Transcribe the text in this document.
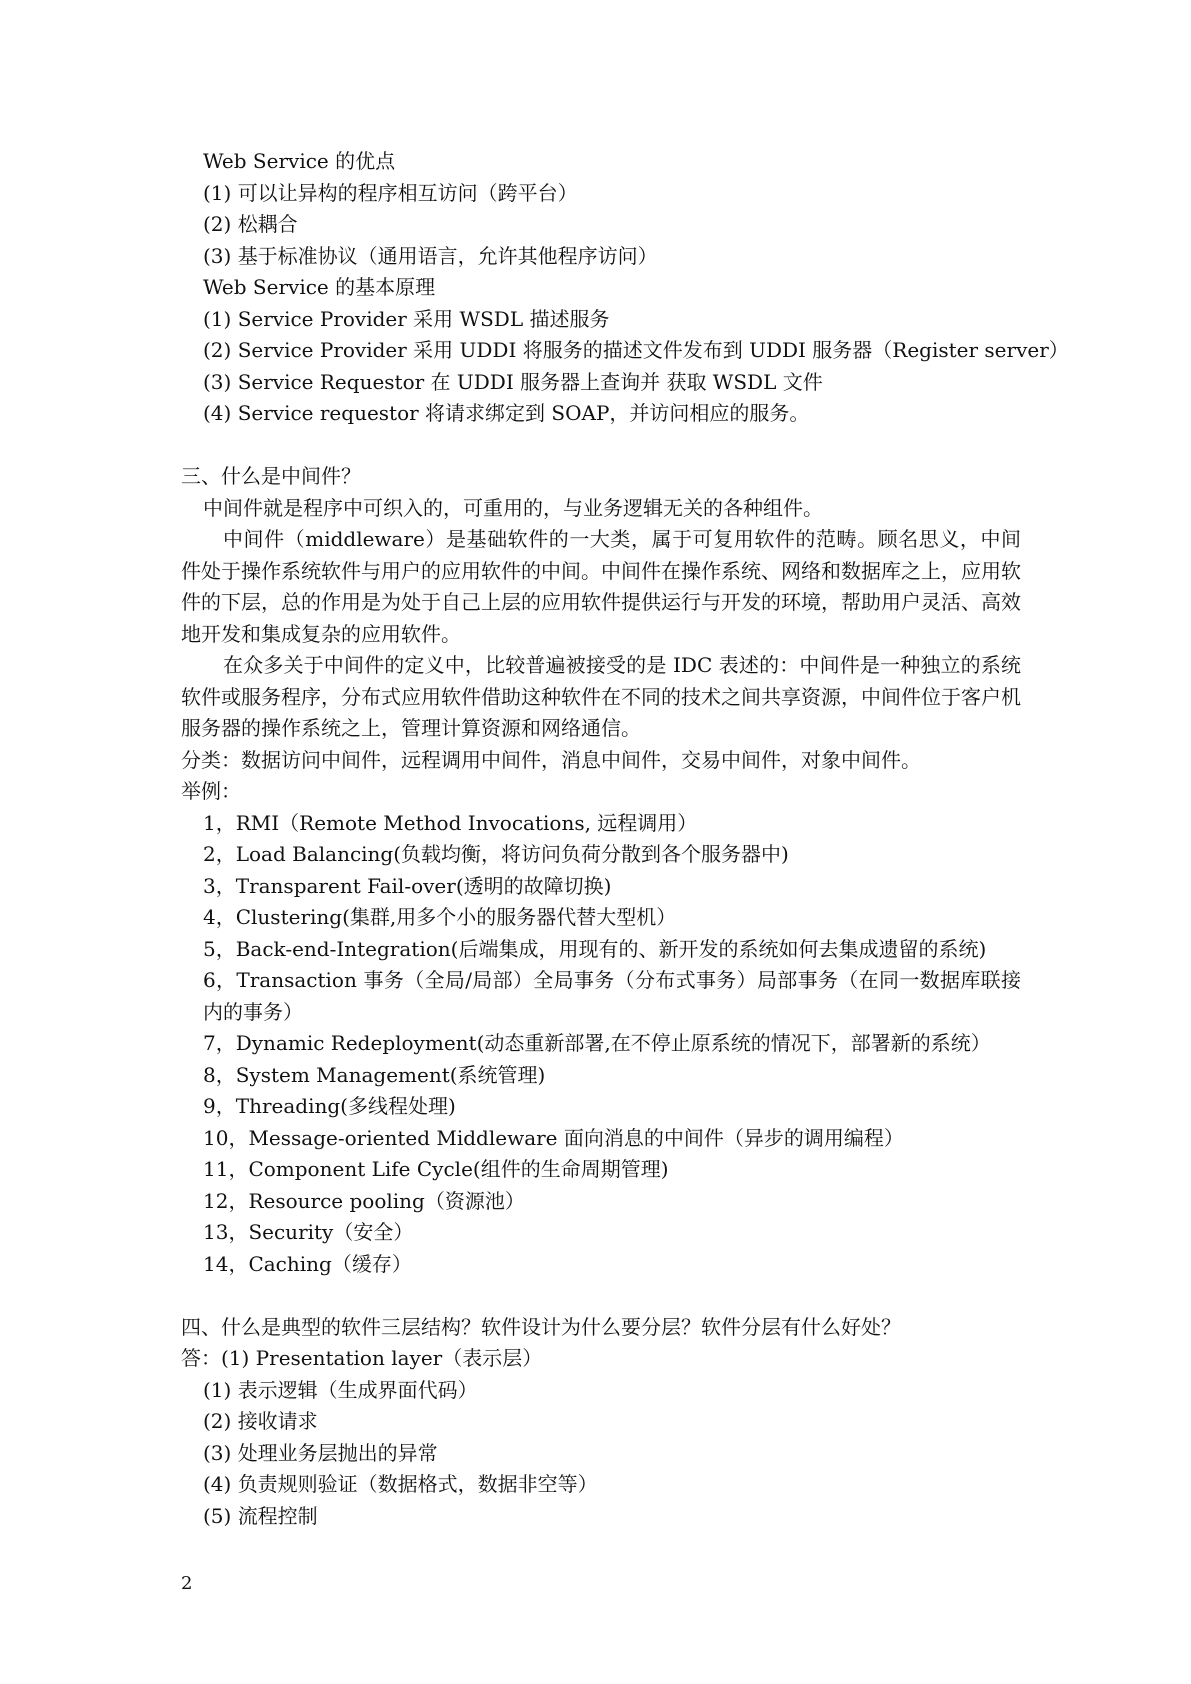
Web Service 的优点
(1) 可以让异构的程序相互访问（跨平台）
(2) 松耦合
(3) 基于标准协议（通用语言，允许其他程序访问）
Web Service 的基本原理
(1) Service Provider 采用 WSDL 描述服务
(2) Service Provider 采用 UDDI 将服务的描述文件发布到 UDDI 服务器（Register server）
(3) Service Requestor 在 UDDI 服务器上查询并 获取 WSDL 文件
(4) Service requestor 将请求绑定到 SOAP，并访问相应的服务。
三、什么是中间件？
中间件就是程序中可织入的，可重用的，与业务逻辑无关的各种组件。
中间件（middleware）是基础软件的一大类，属于可复用软件的范畴。顾名思义，中间件处于操作系统软件与用户的应用软件的中间。中间件在操作系统、网络和数据库之上，应用软件的下层，总的作用是为处于自己上层的应用软件提供运行与开发的环境，帮助用户灵活、高效地开发和集成复杂的应用软件。
在众多关于中间件的定义中，比较普遍被接受的是 IDC 表述的：中间件是一种独立的系统软件或服务程序，分布式应用软件借助这种软件在不同的技术之间共享资源，中间件位于客户机服务器的操作系统之上，管理计算资源和网络通信。
分类：数据访问中间件，远程调用中间件，消息中间件，交易中间件，对象中间件。
举例：
1，RMI（Remote Method Invocations, 远程调用）
2，Load Balancing(负载均衡，将访问负荷分散到各个服务器中)
3，Transparent Fail-over(透明的故障切换)
4，Clustering(集群,用多个小的服务器代替大型机）
5，Back-end-Integration(后端集成，用现有的、新开发的系统如何去集成遗留的系统)
6，Transaction 事务（全局/局部）全局事务（分布式事务）局部事务（在同一数据库联接内的事务）
7，Dynamic Redeployment(动态重新部署,在不停止原系统的情况下，部署新的系统）
8，System Management(系统管理)
9，Threading(多线程处理)
10，Message-oriented Middleware 面向消息的中间件（异步的调用编程）
11，Component Life Cycle(组件的生命周期管理)
12，Resource pooling（资源池）
13，Security（安全）
14，Caching（缓存）
四、什么是典型的软件三层结构？软件设计为什么要分层？软件分层有什么好处？
答：(1) Presentation layer（表示层）
(1) 表示逻辑（生成界面代码）
(2) 接收请求
(3) 处理业务层抛出的异常
(4) 负责规则验证（数据格式，数据非空等）
(5) 流程控制
2
